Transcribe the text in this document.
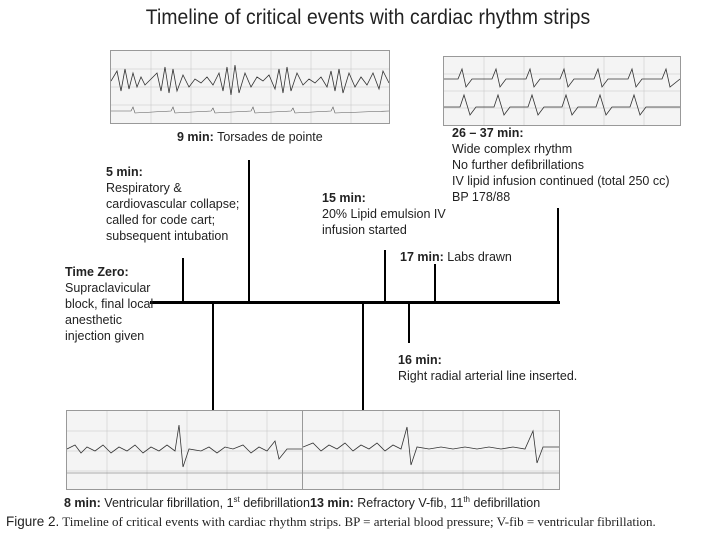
Timeline of critical events with cardiac rhythm strips
Time Zero:
Supraclavicular
block, final local
anesthetic
injection given
5 min:
Respiratory &
cardiovascular collapse;
called for code cart;
subsequent intubation
9 min: Torsades de pointe
15 min:
20% Lipid emulsion IV
infusion started
17 min: Labs drawn
26 – 37 min:
Wide complex rhythm
No further defibrillations
IV lipid infusion continued (total 250 cc)
BP 178/88
16 min:
Right radial arterial line inserted.
8 min: Ventricular fibrillation, 1st defibrillation 13 min: Refractory V-fib, 11th defibrillation
Figure 2. Timeline of critical events with cardiac rhythm strips. BP = arterial blood pressure; V-fib = ventricular fibrillation.
